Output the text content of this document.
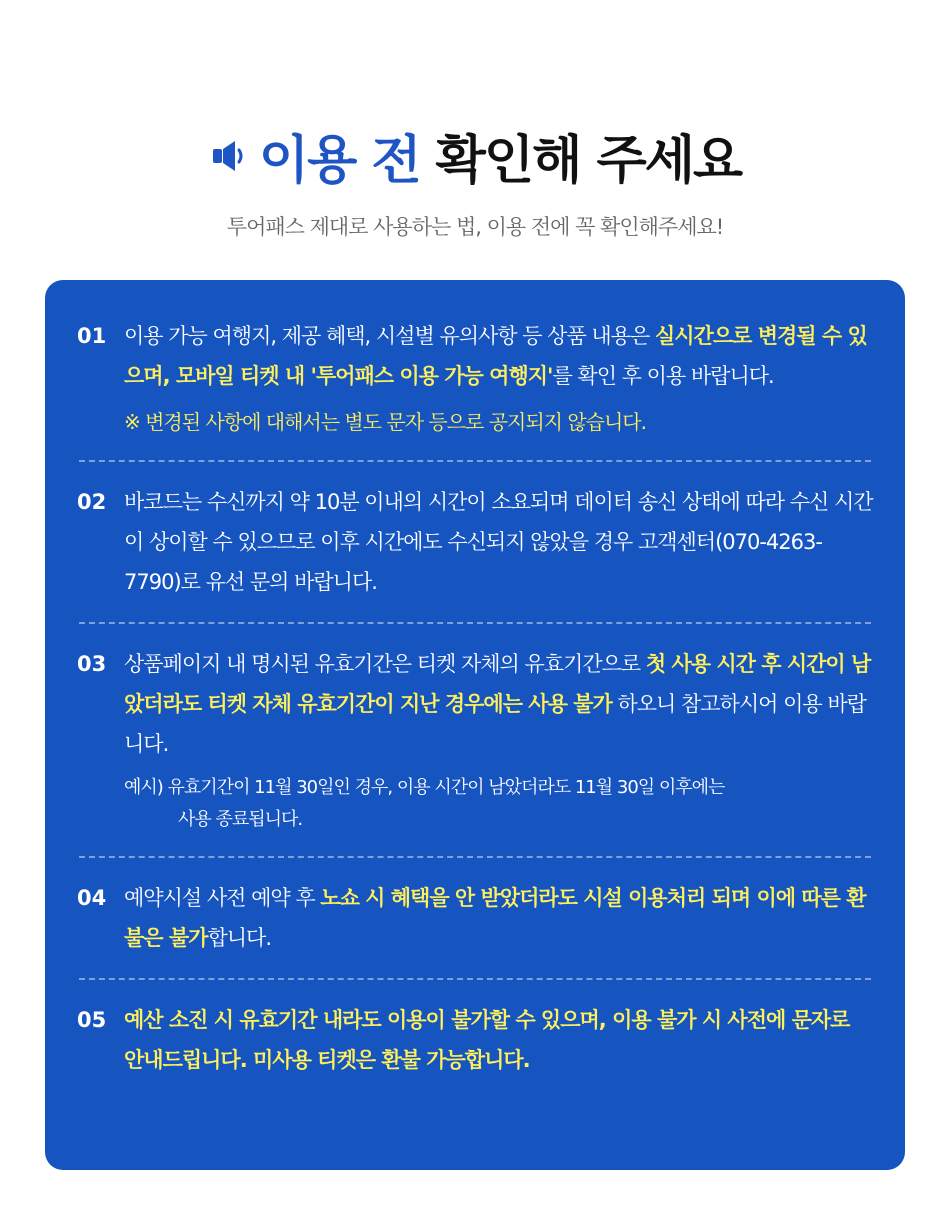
이용 전 확인해 주세요
투어패스 제대로 사용하는 법, 이용 전에 꼭 확인해주세요!
01 이용 가능 여행지, 제공 혜택, 시설별 유의사항 등 상품 내용은 실시간으로 변경될 수 있으며, 모바일 티켓 내 '투어패스 이용 가능 여행지'를 확인 후 이용 바랍니다.
※ 변경된 사항에 대해서는 별도 문자 등으로 공지되지 않습니다.
02 바코드는 수신까지 약 10분 이내의 시간이 소요되며 데이터 송신 상태에 따라 수신 시간이 상이할 수 있으므로 이후 시간에도 수신되지 않았을 경우 고객센터(070-4263-7790)로 유선 문의 바랍니다.
03 상품페이지 내 명시된 유효기간은 티켓 자체의 유효기간으로 첫 사용 시간 후 시간이 남았더라도 티켓 자체 유효기간이 지난 경우에는 사용 불가 하오니 참고하시어 이용 바랍니다.
예시) 유효기간이 11월 30일인 경우, 이용 시간이 남았더라도 11월 30일 이후에는
사용 종료됩니다.
04 예약시설 사전 예약 후 노쇼 시 혜택을 안 받았더라도 시설 이용처리 되며 이에 따른 환불은 불가합니다.
05 예산 소진 시 유효기간 내라도 이용이 불가할 수 있으며, 이용 불가 시 사전에 문자로 안내드립니다. 미사용 티켓은 환불 가능합니다.
